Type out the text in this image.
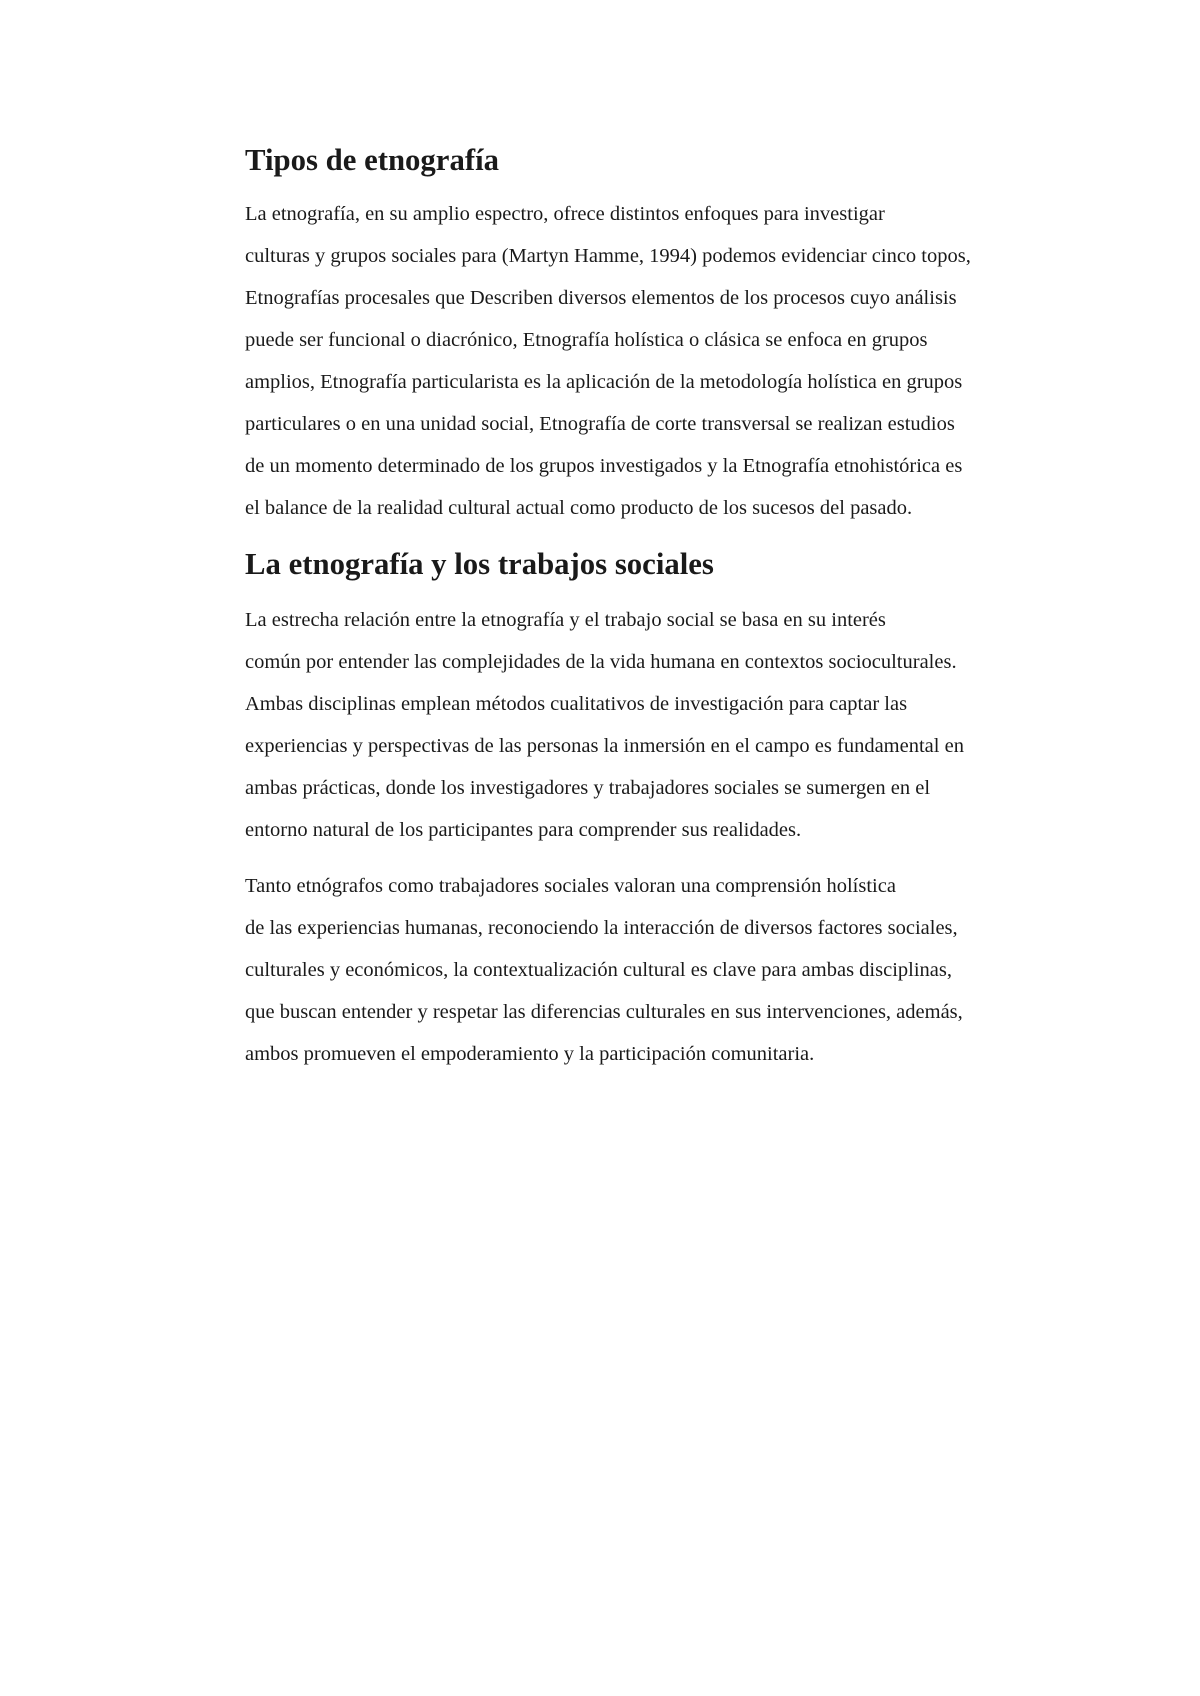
Tipos de etnografía

La etnografía, en su amplio espectro, ofrece distintos enfoques para investigar
culturas y grupos sociales para (Martyn Hamme, 1994) podemos evidenciar cinco topos,
Etnografías procesales que Describen diversos elementos de los procesos cuyo análisis
puede ser funcional o diacrónico, Etnografía holística o clásica se enfoca en grupos
amplios, Etnografía particularista es la aplicación de la metodología holística en grupos
particulares o en una unidad social, Etnografía de corte transversal se realizan estudios
de un momento determinado de los grupos investigados y la Etnografía etnohistórica es
el balance de la realidad cultural actual como producto de los sucesos del pasado.

La etnografía y los trabajos sociales

La estrecha relación entre la etnografía y el trabajo social se basa en su interés
común por entender las complejidades de la vida humana en contextos socioculturales.
Ambas disciplinas emplean métodos cualitativos de investigación para captar las
experiencias y perspectivas de las personas la inmersión en el campo es fundamental en
ambas prácticas, donde los investigadores y trabajadores sociales se sumergen en el
entorno natural de los participantes para comprender sus realidades.

Tanto etnógrafos como trabajadores sociales valoran una comprensión holística
de las experiencias humanas, reconociendo la interacción de diversos factores sociales,
culturales y económicos, la contextualización cultural es clave para ambas disciplinas,
que buscan entender y respetar las diferencias culturales en sus intervenciones, además,
ambos promueven el empoderamiento y la participación comunitaria.
